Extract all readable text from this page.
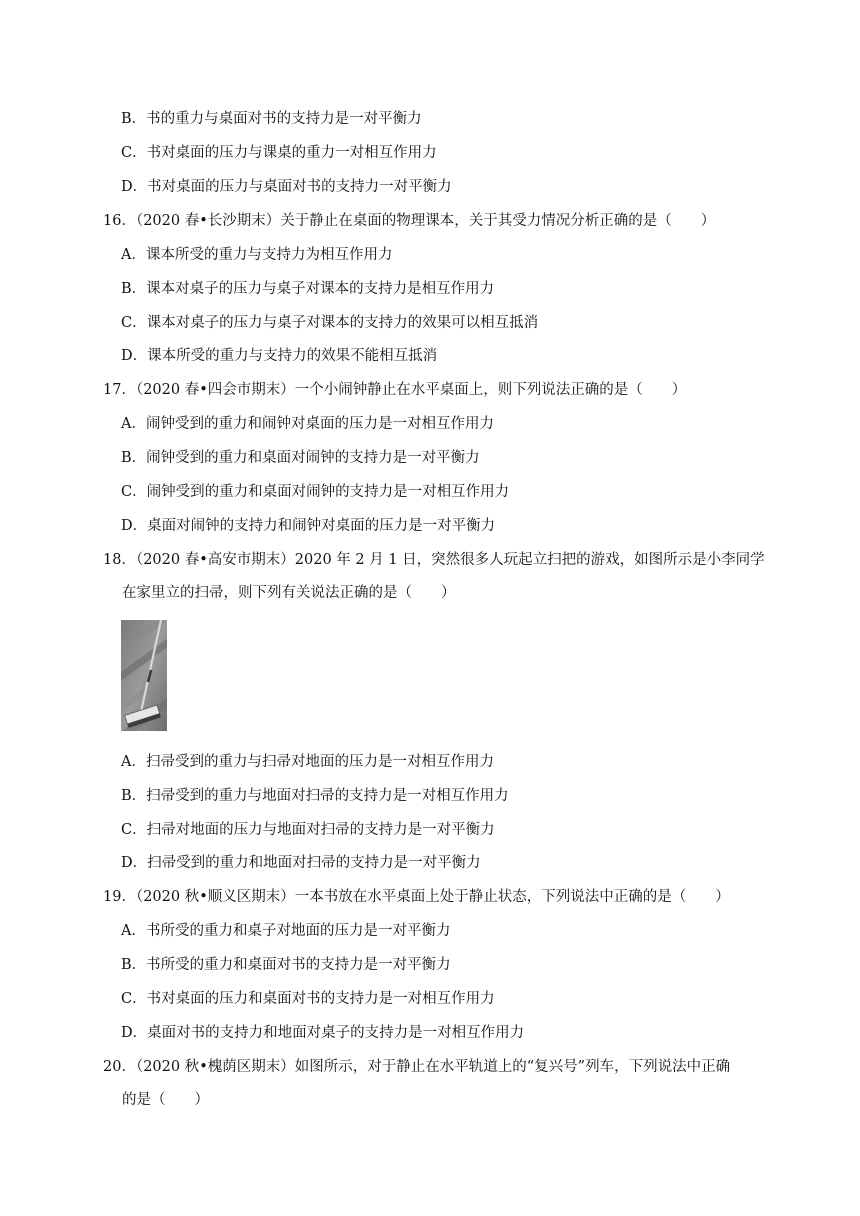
B．书的重力与桌面对书的支持力是一对平衡力
C．书对桌面的压力与课桌的重力一对相互作用力
D．书对桌面的压力与桌面对书的支持力一对平衡力
16．（2020 春•长沙期末）关于静止在桌面的物理课本，关于其受力情况分析正确的是（　　）
A．课本所受的重力与支持力为相互作用力
B．课本对桌子的压力与桌子对课本的支持力是相互作用力
C．课本对桌子的压力与桌子对课本的支持力的效果可以相互抵消
D．课本所受的重力与支持力的效果不能相互抵消
17．（2020 春•四会市期末）一个小闹钟静止在水平桌面上，则下列说法正确的是（　　）
A．闹钟受到的重力和闹钟对桌面的压力是一对相互作用力
B．闹钟受到的重力和桌面对闹钟的支持力是一对平衡力
C．闹钟受到的重力和桌面对闹钟的支持力是一对相互作用力
D．桌面对闹钟的支持力和闹钟对桌面的压力是一对平衡力
18．（2020 春•高安市期末）2020 年 2 月 1 日，突然很多人玩起立扫把的游戏，如图所示是小李同学
在家里立的扫帚，则下列有关说法正确的是（　　）
A．扫帚受到的重力与扫帚对地面的压力是一对相互作用力
B．扫帚受到的重力与地面对扫帚的支持力是一对相互作用力
C．扫帚对地面的压力与地面对扫帚的支持力是一对平衡力
D．扫帚受到的重力和地面对扫帚的支持力是一对平衡力
19．（2020 秋•顺义区期末）一本书放在水平桌面上处于静止状态，下列说法中正确的是（　　）
A．书所受的重力和桌子对地面的压力是一对平衡力
B．书所受的重力和桌面对书的支持力是一对平衡力
C．书对桌面的压力和桌面对书的支持力是一对相互作用力
D．桌面对书的支持力和地面对桌子的支持力是一对相互作用力
20．（2020 秋•槐荫区期末）如图所示，对于静止在水平轨道上的“复兴号”列车，下列说法中正确
的是（　　）
